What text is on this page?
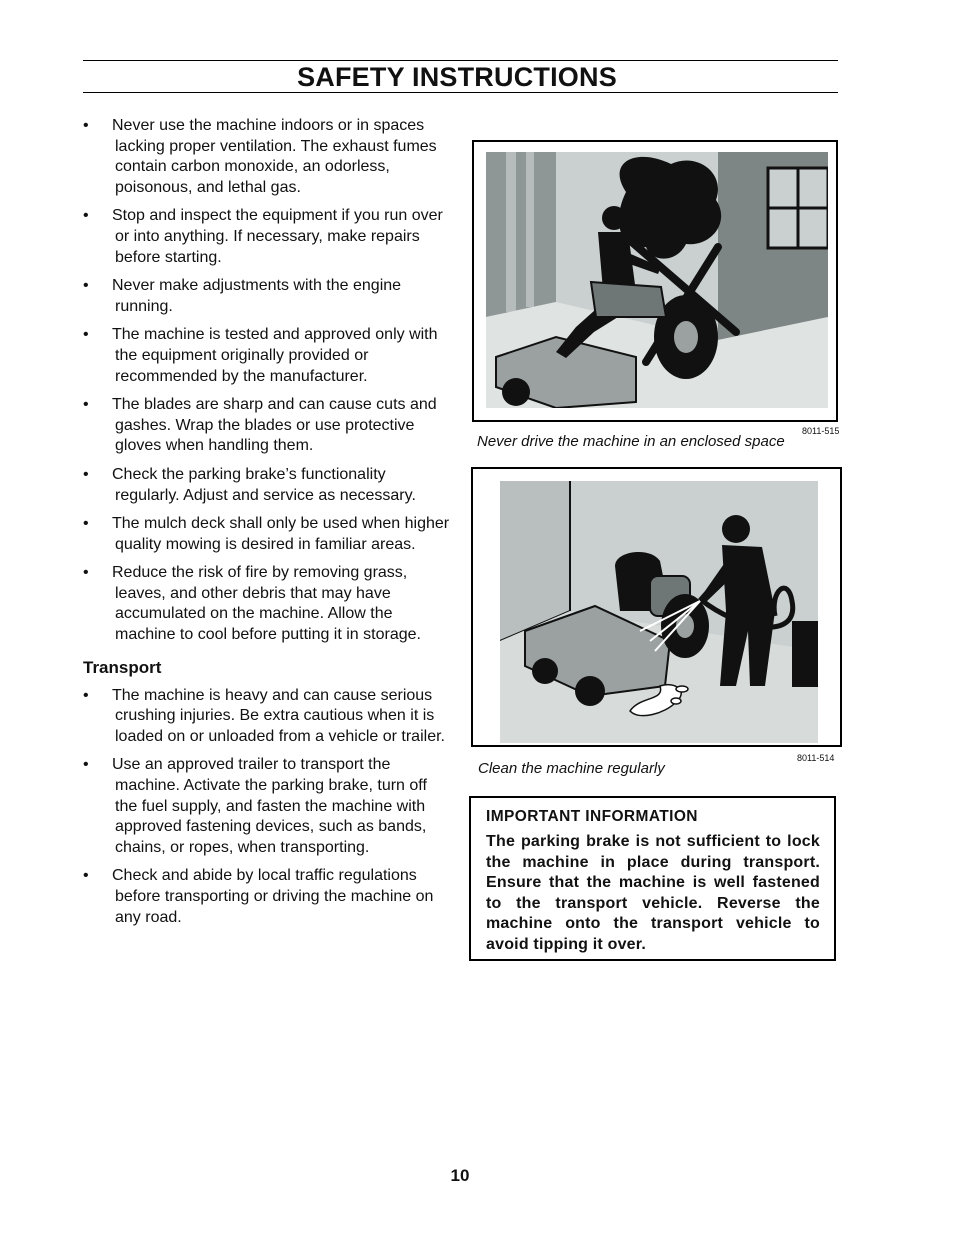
SAFETY INSTRUCTIONS
• Never use the machine indoors or in spaces lacking proper ventilation. The exhaust fumes contain carbon monoxide, an odorless, poisonous, and lethal gas.
• Stop and inspect the equipment if you run over or into anything. If necessary, make repairs before starting.
• Never make adjustments with the engine running.
• The machine is tested and approved only with the equipment originally provided or recommended by the manufacturer.
• The blades are sharp and can cause cuts and gashes. Wrap the blades or use protective gloves when handling them.
• Check the parking brake’s functionality regularly. Adjust and service as necessary.
• The mulch deck shall only be used when higher quality mowing is desired in familiar areas.
• Reduce the risk of fire by removing grass, leaves, and other debris that may have accumulated on the machine. Allow the machine to cool before putting it in storage.
Transport
• The machine is heavy and can cause serious crushing injuries. Be extra cautious when it is loaded on or unloaded from a vehicle or trailer.
• Use an approved trailer to transport the machine. Activate the parking brake, turn off the fuel supply, and fasten the machine with approved fastening devices, such as bands, chains, or ropes, when transporting.
• Check and abide by local traffic regulations before transporting or driving the machine on any road.
8011-515
Never drive the machine in an enclosed space
8011-514
Clean the machine regularly
IMPORTANT INFORMATION
The parking brake is not sufficient to lock the machine in place during transport. Ensure that the machine is well fastened to the transport vehicle. Reverse the machine onto the transport vehicle to avoid tipping it over.
10
